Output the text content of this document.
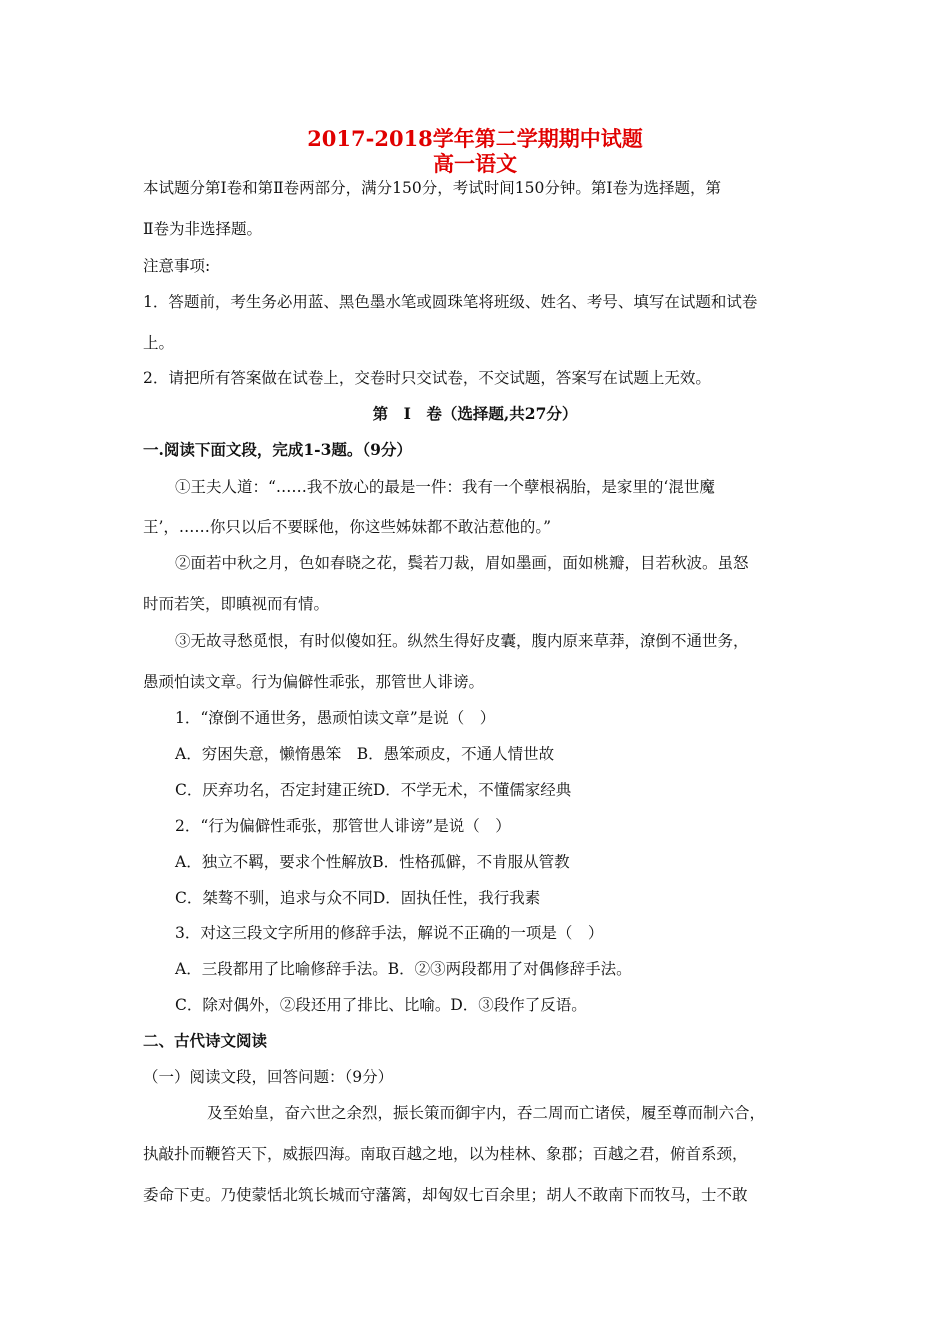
2017-2018学年第二学期期中试题
高一语文
本试题分第Ⅰ卷和第Ⅱ卷两部分，满分150分，考试时间150分钟。第Ⅰ卷为选择题，第
Ⅱ卷为非选择题。
注意事项:
1．答题前，考生务必用蓝、黑色墨水笔或圆珠笔将班级、姓名、考号、填写在试题和试卷
上。
2．请把所有答案做在试卷上，交卷时只交试卷，不交试题，答案写在试题上无效。
第　Ⅰ　卷（选择题,共27分）
一.阅读下面文段，完成1-3题。（9分）
①王夫人道：“……我不放心的最是一件：我有一个孽根祸胎，是家里的‘混世魔
王’，……你只以后不要睬他，你这些姊妹都不敢沾惹他的。”
②面若中秋之月，色如春晓之花，鬓若刀裁，眉如墨画，面如桃瓣，目若秋波。虽怒
时而若笑，即瞋视而有情。
③无故寻愁觅恨，有时似傻如狂。纵然生得好皮囊，腹内原来草莽，潦倒不通世务，
愚顽怕读文章。行为偏僻性乖张，那管世人诽谤。
1．“潦倒不通世务，愚顽怕读文章”是说（　）
A．穷困失意，懒惰愚笨　B．愚笨顽皮，不通人情世故
C．厌弃功名，否定封建正统D．不学无术，不懂儒家经典
2．“行为偏僻性乖张，那管世人诽谤”是说（　）
A．独立不羁，要求个性解放B．性格孤僻，不肯服从管教
C．桀骜不驯，追求与众不同D．固执任性，我行我素
3．对这三段文字所用的修辞手法，解说不正确的一项是（　）
A．三段都用了比喻修辞手法。B．②③两段都用了对偶修辞手法。
C．除对偶外，②段还用了排比、比喻。D．③段作了反语。
二、古代诗文阅读
（一）阅读文段，回答问题：（9分）
及至始皇，奋六世之余烈，振长策而御宇内，吞二周而亡诸侯，履至尊而制六合，
执敲扑而鞭笞天下，威振四海。南取百越之地，以为桂林、象郡；百越之君，俯首系颈，
委命下吏。乃使蒙恬北筑长城而守藩篱，却匈奴七百余里；胡人不敢南下而牧马，士不敢
